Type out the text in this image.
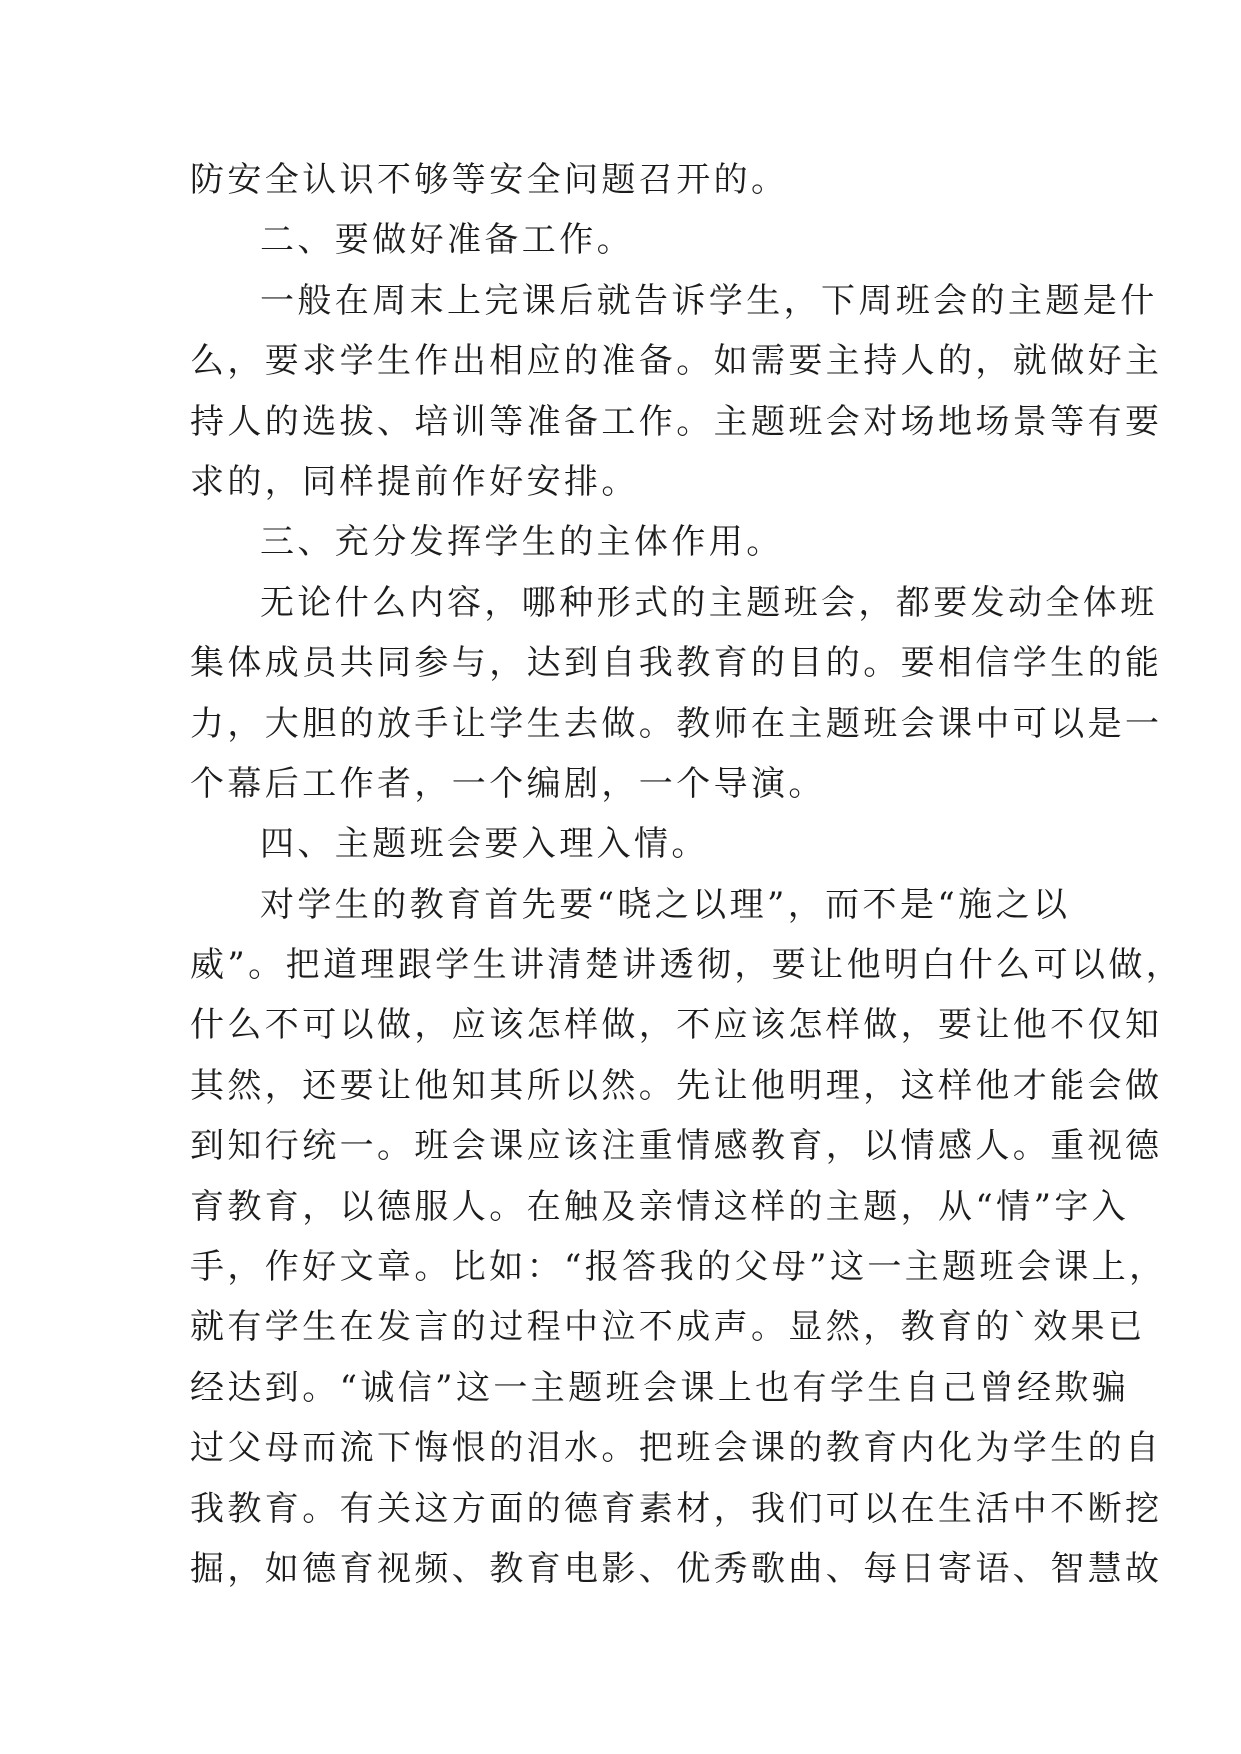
防安全认识不够等安全问题召开的。
二、要做好准备工作。
一般在周末上完课后就告诉学生，下周班会的主题是什
么，要求学生作出相应的准备。如需要主持人的，就做好主
持人的选拔、培训等准备工作。主题班会对场地场景等有要
求的，同样提前作好安排。
三、充分发挥学生的主体作用。
无论什么内容，哪种形式的主题班会，都要发动全体班
集体成员共同参与，达到自我教育的目的。要相信学生的能
力，大胆的放手让学生去做。教师在主题班会课中可以是一
个幕后工作者，一个编剧，一个导演。
四、主题班会要入理入情。
对学生的教育首先要“晓之以理”，而不是“施之以
威”。把道理跟学生讲清楚讲透彻，要让他明白什么可以做，
什么不可以做，应该怎样做，不应该怎样做，要让他不仅知
其然，还要让他知其所以然。先让他明理，这样他才能会做
到知行统一。班会课应该注重情感教育，以情感人。重视德
育教育，以德服人。在触及亲情这样的主题，从“情”字入
手，作好文章。比如：“报答我的父母”这一主题班会课上，
就有学生在发言的过程中泣不成声。显然，教育的`效果已
经达到。“诚信”这一主题班会课上也有学生自己曾经欺骗
过父母而流下悔恨的泪水。把班会课的教育内化为学生的自
我教育。有关这方面的德育素材，我们可以在生活中不断挖
掘，如德育视频、教育电影、优秀歌曲、每日寄语、智慧故
